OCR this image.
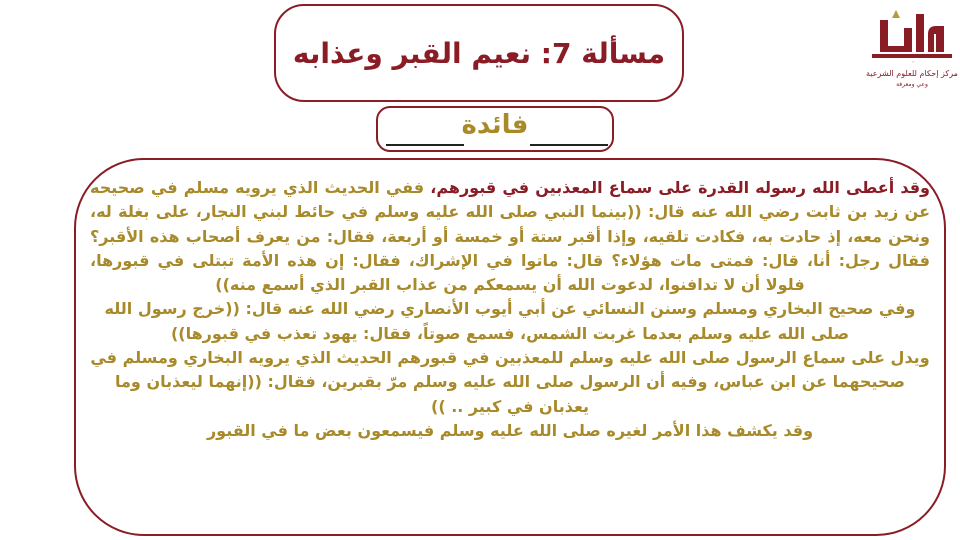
مسألة 7: نعيم القبر وعذابه	إحكام
مركز إحكام للعلوم الشرعية
وعي ومعرفة
فائدة
وقد أعطى الله رسوله القدرة على سماع المعذبين في قبورهم، ففي الحديث الذي يرويه مسلم في صحيحه عن زيد بن ثابت رضي الله عنه قال: ((بينما النبي صلى الله عليه وسلم في حائط لبني النجار، على بغلة له، ونحن معه، إذ حادت به، فكادت تلقيه، وإذا أقبر ستة أو خمسة أو أربعة، فقال: من يعرف أصحاب هذه الأقبر؟ فقال رجل: أنا، قال: فمتى مات هؤلاء؟ قال: ماتوا في الإشراك، فقال: إن هذه الأمة تبتلى في قبورها، فلولا أن لا تدافنوا، لدعوت الله أن يسمعكم من عذاب القبر الذي أسمع منه))
وفي صحيح البخاري ومسلم وسنن النسائي عن أبي أيوب الأنصاري رضي الله عنه قال: ((خرج رسول الله صلى الله عليه وسلم بعدما غربت الشمس، فسمع صوتاً، فقال: يهود تعذب في قبورها))
ويدل على سماع الرسول صلى الله عليه وسلم للمعذبين في قبورهم الحديث الذي يرويه البخاري ومسلم في صحيحهما عن ابن عباس، وفيه أن الرسول صلى الله عليه وسلم مرّ بقبرين، فقال: ((إنهما ليعذبان وما يعذبان في كبير .. ))
وقد يكشف هذا الأمر لغيره صلى الله عليه وسلم فيسمعون بعض ما في القبور
